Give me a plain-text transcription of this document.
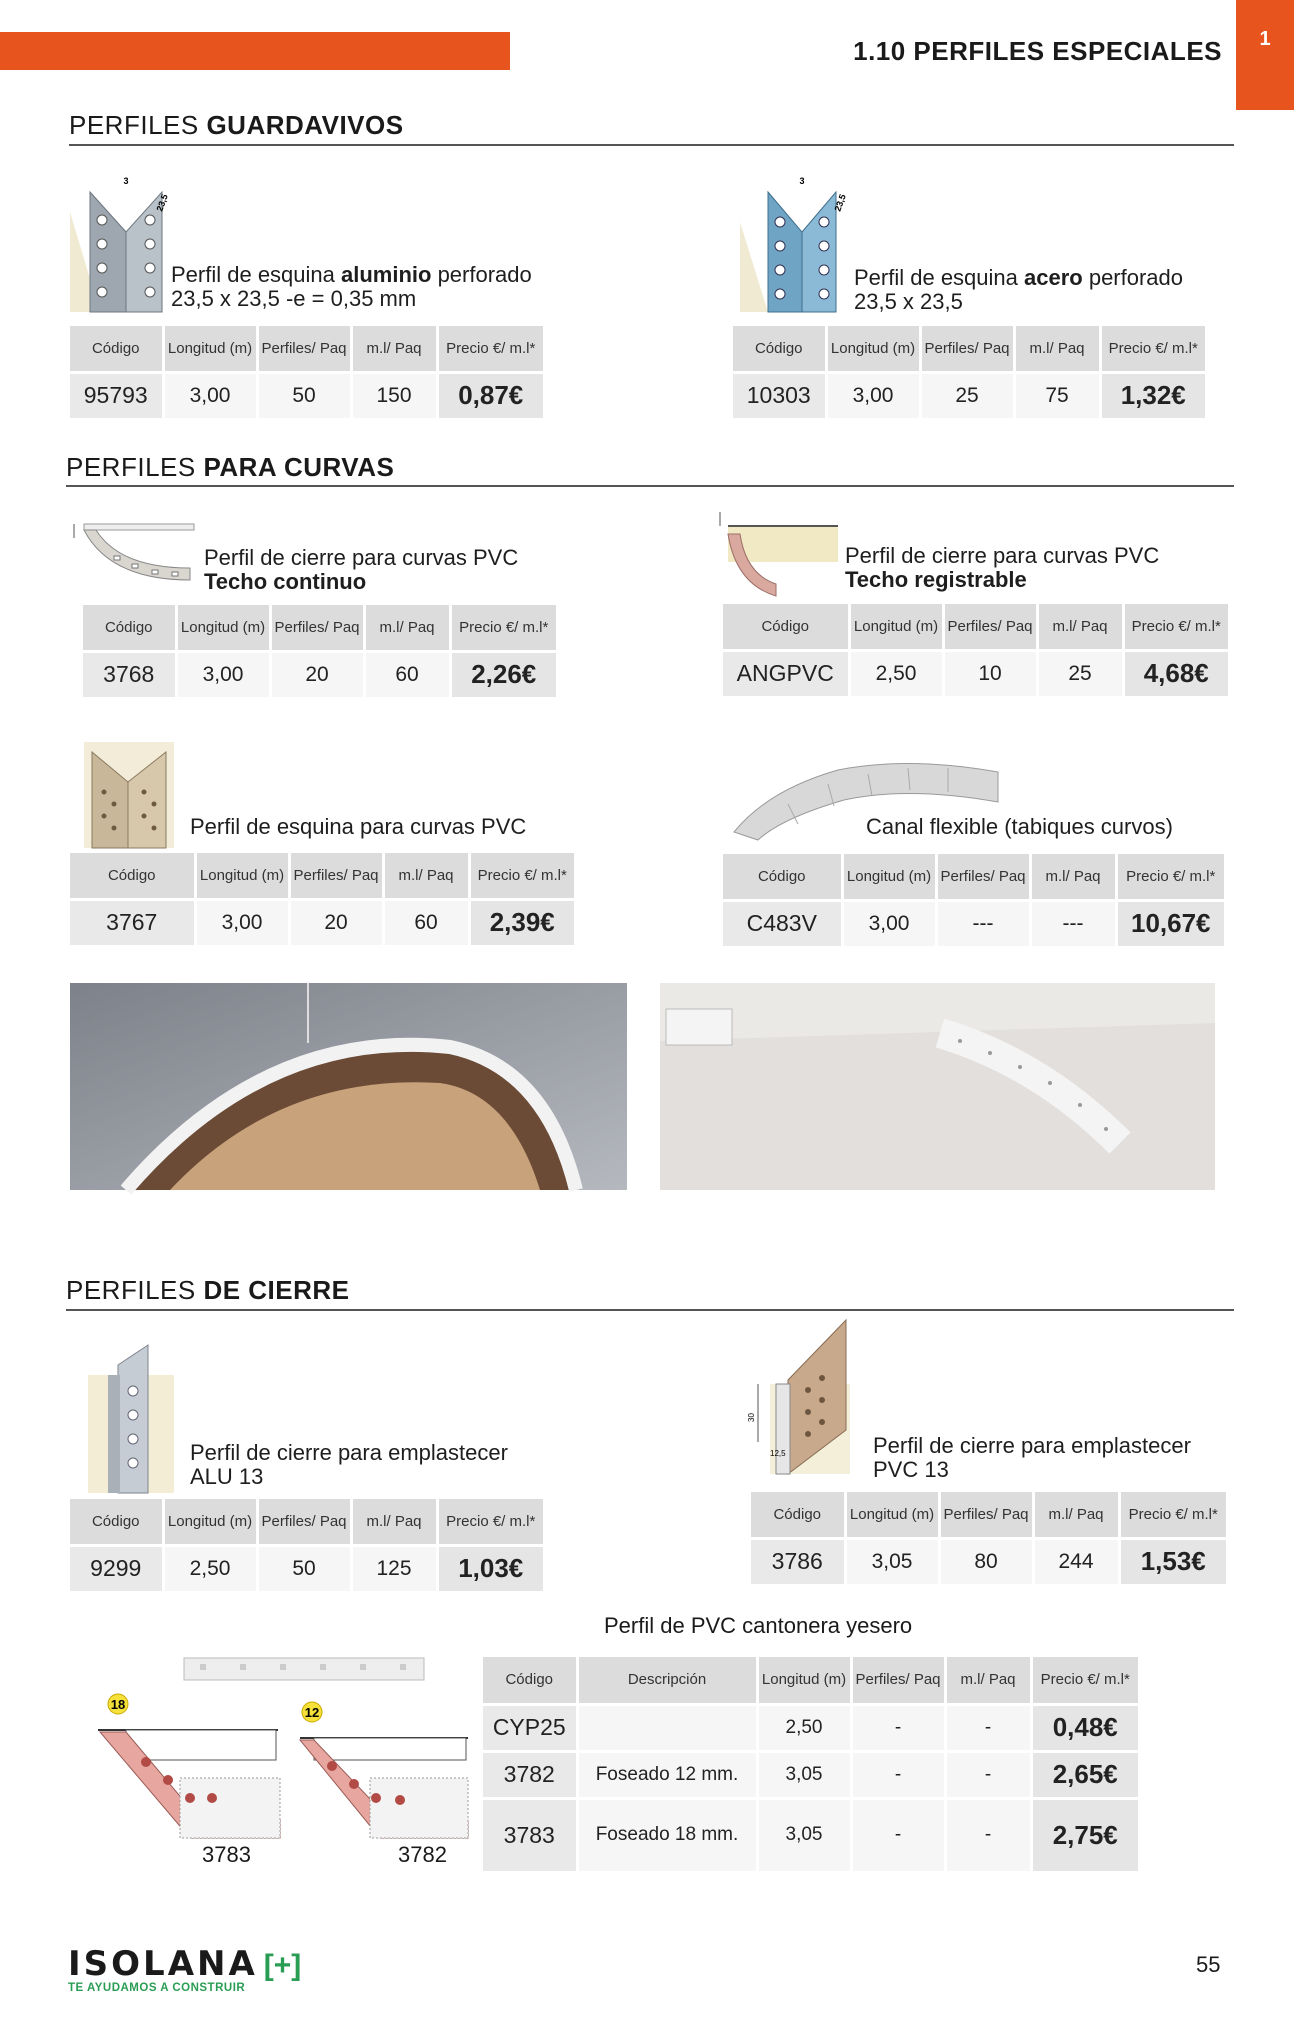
1.10 PERFILES ESPECIALES	1
PERFILES GUARDAVIVOS
3
23,5
Perfil de esquina aluminio perforado
23,5 x 23,5 -e = 0,35 mm
Código	Longitud (m)	Perfiles/ Paq	m.l/ Paq	Precio €/ m.l*
95793	3,00	50	150	0,87€
3
23,5
Perfil de esquina acero perforado
23,5 x 23,5
Código	Longitud (m)	Perfiles/ Paq	m.l/ Paq	Precio €/ m.l*
10303	3,00	25	75	1,32€
PERFILES PARA CURVAS
Perfil de cierre para curvas PVC
Techo continuo
Código	Longitud (m)	Perfiles/ Paq	m.l/ Paq	Precio €/ m.l*
3768	3,00	20	60	2,26€
Perfil de cierre para curvas PVC
Techo registrable
Código	Longitud (m)	Perfiles/ Paq	m.l/ Paq	Precio €/ m.l*
ANGPVC	2,50	10	25	4,68€
Perfil de esquina para curvas PVC
Código	Longitud (m)	Perfiles/ Paq	m.l/ Paq	Precio €/ m.l*
3767	3,00	20	60	2,39€
Canal flexible (tabiques curvos)
Código	Longitud (m)	Perfiles/ Paq	m.l/ Paq	Precio €/ m.l*
C483V	3,00	---	---	10,67€
PERFILES DE CIERRE
Perfil de cierre para emplastecer
ALU 13
Código	Longitud (m)	Perfiles/ Paq	m.l/ Paq	Precio €/ m.l*
9299	2,50	50	125	1,03€
30
12,5	Perfil de cierre para emplastecer
PVC 13
Código	Longitud (m)	Perfiles/ Paq	m.l/ Paq	Precio €/ m.l*
3786	3,05	80	244	1,53€
Perfil de PVC cantonera yesero
18
12
3783	3782
Código	Descripción	Longitud (m)	Perfiles/ Paq	m.l/ Paq	Precio €/ m.l*
CYP25		2,50	-	-	0,48€
3782	Foseado 12 mm.	3,05	-	-	2,65€
3783	Foseado 18 mm.	3,05	-	-	2,75€
ISOLANA [+]
TE AYUDAMOS A CONSTRUIR
55
